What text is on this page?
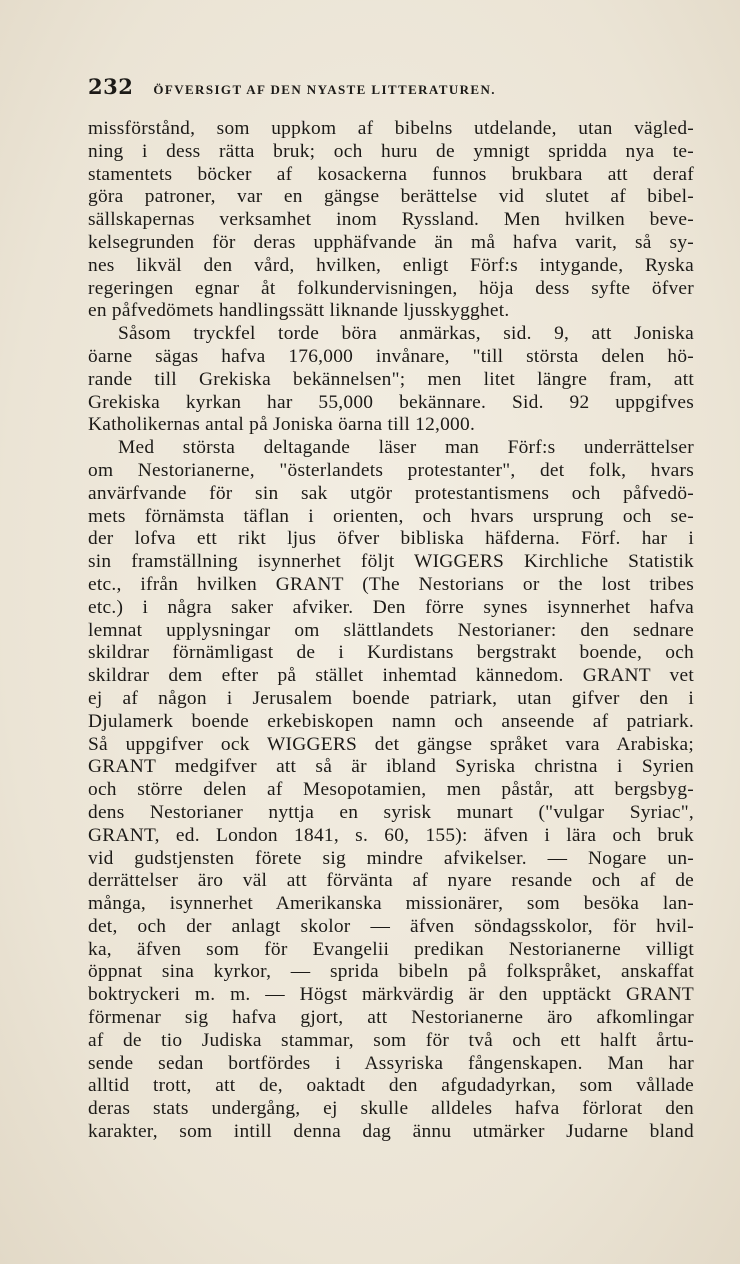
232 ÖFVERSIGT AF DEN NYASTE LITTERATUREN.
missförstånd, som uppkom af bibelns utdelande, utan vägled-
ning i dess rätta bruk; och huru de ymnigt spridda nya te-
stamentets böcker af kosackerna funnos brukbara att deraf
göra patroner, var en gängse berättelse vid slutet af bibel-
sällskapernas verksamhet inom Ryssland. Men hvilken beve-
kelsegrunden för deras upphäfvande än må hafva varit, så sy-
nes likväl den vård, hvilken, enligt Förf:s intygande, Ryska
regeringen egnar åt folkundervisningen, höja dess syfte öfver
en påfvedömets handlingssätt liknande ljusskygghet.
Såsom tryckfel torde böra anmärkas, sid. 9, att Joniska
öarne sägas hafva 176,000 invånare, "till största delen hö-
rande till Grekiska bekännelsen"; men litet längre fram, att
Grekiska kyrkan har 55,000 bekännare. Sid. 92 uppgifves
Katholikernas antal på Joniska öarna till 12,000.
Med största deltagande läser man Förf:s underrättelser
om Nestorianerne, "österlandets protestanter", det folk, hvars
anvärfvande för sin sak utgör protestantismens och påfvedö-
mets förnämsta täflan i orienten, och hvars ursprung och se-
der lofva ett rikt ljus öfver bibliska häfderna. Förf. har i
sin framställning isynnerhet följt WIGGERS Kirchliche Statistik
etc., ifrån hvilken GRANT (The Nestorians or the lost tribes
etc.) i några saker afviker. Den förre synes isynnerhet hafva
lemnat upplysningar om slättlandets Nestorianer: den sednare
skildrar förnämligast de i Kurdistans bergstrakt boende, och
skildrar dem efter på stället inhemtad kännedom. GRANT vet
ej af någon i Jerusalem boende patriark, utan gifver den i
Djulamerk boende erkebiskopen namn och anseende af patriark.
Så uppgifver ock WIGGERS det gängse språket vara Arabiska;
GRANT medgifver att så är ibland Syriska christna i Syrien
och större delen af Mesopotamien, men påstår, att bergsbyg-
dens Nestorianer nyttja en syrisk munart ("vulgar Syriac",
GRANT, ed. London 1841, s. 60, 155): äfven i lära och bruk
vid gudstjensten förete sig mindre afvikelser. — Nogare un-
derrättelser äro väl att förvänta af nyare resande och af de
många, isynnerhet Amerikanska missionärer, som besöka lan-
det, och der anlagt skolor — äfven söndagsskolor, för hvil-
ka, äfven som för Evangelii predikan Nestorianerne villigt
öppnat sina kyrkor, — sprida bibeln på folkspråket, anskaffat
boktryckeri m. m. — Högst märkvärdig är den upptäckt GRANT
förmenar sig hafva gjort, att Nestorianerne äro afkomlingar
af de tio Judiska stammar, som för två och ett halft årtu-
sende sedan bortfördes i Assyriska fångenskapen. Man har
alltid trott, att de, oaktadt den afgudadyrkan, som vållade
deras stats undergång, ej skulle alldeles hafva förlorat den
karakter, som intill denna dag ännu utmärker Judarne bland
